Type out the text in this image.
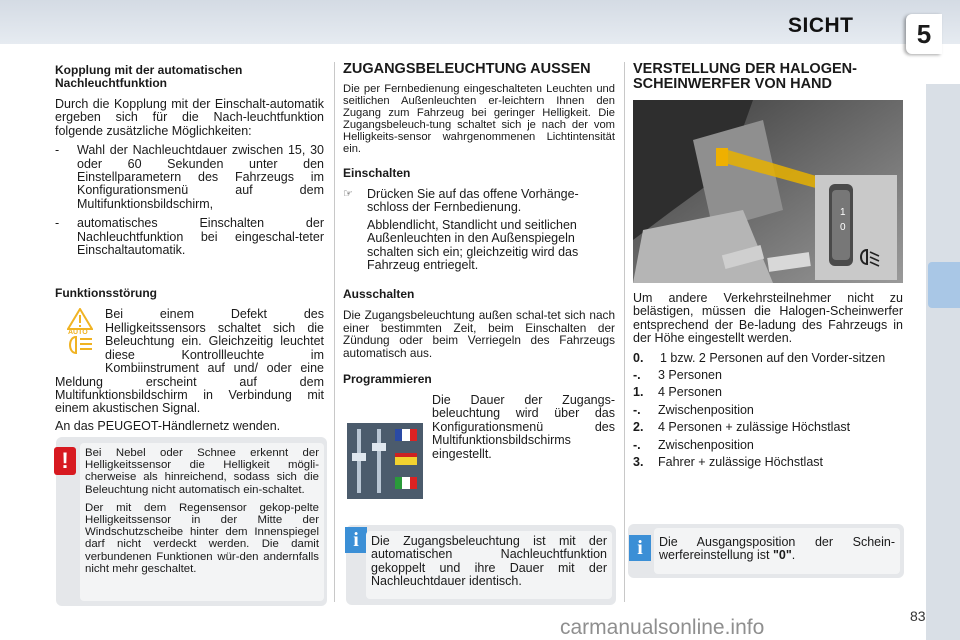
SICHT	5
Kopplung mit der automatischen Nachleuchtfunktion

Durch die Kopplung mit der Einschalt-automatik ergeben sich für die Nach-leuchtfunktion folgende zusätzliche Möglichkeiten:

-	Wahl der Nachleuchtdauer zwischen 15, 30 oder 60 Sekunden unter den Einstellparametern des Fahrzeugs im Konfigurationsmenü auf dem Multifunktionsbildschirm,
-	automatisches Einschalten der Nachleuchtfunktion bei eingeschal-teter Einschaltautomatik.
Funktionsstörung
AUTO

Bei einem Defekt des Helligkeitssensors schaltet sich die Beleuchtung ein. Gleichzeitig leuchtet diese Kontrollleuchte im Kombiinstrument auf und/ oder eine Meldung erscheint auf dem Multifunktionsbildschirm in Verbindung mit einem akustischen Signal.

An das PEUGEOT-Händlernetz wenden.

!	Bei Nebel oder Schnee erkennt der Helligkeitssensor die Helligkeit mögli-cherweise als hinreichend, sodass sich die Beleuchtung nicht automatisch ein-schaltet.

Der mit dem Regensensor gekop-pelte Helligkeitssensor in der Mitte der Windschutzscheibe hinter dem Innenspiegel darf nicht verdeckt werden. Die damit verbundenen Funktionen wür-den andernfalls nicht mehr geschaltet.

ZUGANGSBELEUCHTUNG AUSSEN

Die per Fernbedienung eingeschalteten Leuchten und seitlichen Außenleuchten er-leichtern Ihnen den Zugang zum Fahrzeug bei geringer Helligkeit. Die Zugangsbeleuch-tung schaltet sich je nach der vom Helligkeits-sensor wahrgenommenen Lichtintensität ein.

Einschalten
☞	Drücken Sie auf das offene Vorhänge-schloss der Fernbedienung.

Abblendlicht, Standlicht und seitlichen Außenleuchten in den Außenspiegeln schalten sich ein; gleichzeitig wird das Fahrzeug entriegelt.

Ausschalten

Die Zugangsbeleuchtung außen schal-tet sich nach einer bestimmten Zeit, beim Einschalten der Zündung oder beim Verriegeln des Fahrzeugs automatisch aus.

Programmieren

Die Dauer der Zugangs-beleuchtung wird über das Konfigurationsmenü des Multifunktionsbildschirms eingestellt.

i Die Zugangsbeleuchtung ist mit der automatischen Nachleuchtfunktion gekoppelt und ihre Dauer mit der Nachleuchtdauer identisch.
VERSTELLUNG DER HALOGEN-SCHEINWERFER VON HAND
1
0

Um andere Verkehrsteilnehmer nicht zu belästigen, müssen die Halogen-Scheinwerfer entsprechend der Be-ladung des Fahrzeugs in der Höhe eingestellt werden.

0.	1 bzw. 2 Personen auf den Vorder-sitzen
-.	3 Personen
1.	4 Personen
-.	Zwischenposition
2.	4 Personen + zulässige Höchstlast
-.	Zwischenposition
3.	Fahrer + zulässige Höchstlast
i	Die Ausgangsposition der Schein-werfereinstellung ist "0".
83
carmanualsonline.info
